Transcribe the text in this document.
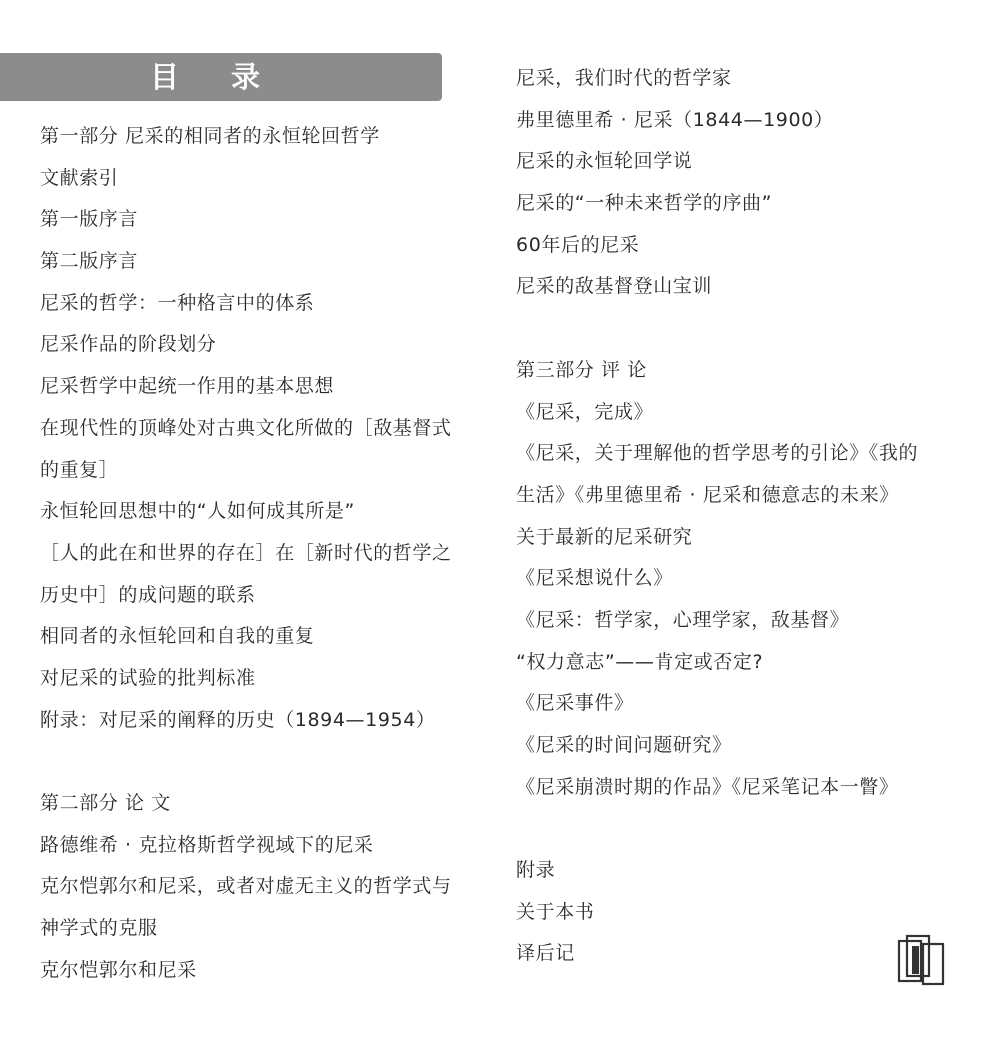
目录
第一部分 尼采的相同者的永恒轮回哲学
文献索引
第一版序言
第二版序言
尼采的哲学：一种格言中的体系
尼采作品的阶段划分
尼采哲学中起统一作用的基本思想
在现代性的顶峰处对古典文化所做的［敌基督式
的重复］
永恒轮回思想中的“人如何成其所是”
［人的此在和世界的存在］在［新时代的哲学之
历史中］的成问题的联系
相同者的永恒轮回和自我的重复
对尼采的试验的批判标准
附录：对尼采的阐释的历史（1894—1954）
第二部分 论 文
路德维希 · 克拉格斯哲学视域下的尼采
克尔恺郭尔和尼采，或者对虚无主义的哲学式与
神学式的克服
克尔恺郭尔和尼采
尼采，我们时代的哲学家
弗里德里希 · 尼采（1844—1900）
尼采的永恒轮回学说
尼采的“一种未来哲学的序曲”
60年后的尼采
尼采的敌基督登山宝训
第三部分 评 论
《尼采，完成》
《尼采，关于理解他的哲学思考的引论》《我的
生活》《弗里德里希 · 尼采和德意志的未来》
关于最新的尼采研究
《尼采想说什么》
《尼采：哲学家，心理学家，敌基督》
“权力意志”——肯定或否定?
《尼采事件》
《尼采的时间问题研究》
《尼采崩溃时期的作品》《尼采笔记本一瞥》
附录
关于本书
译后记
